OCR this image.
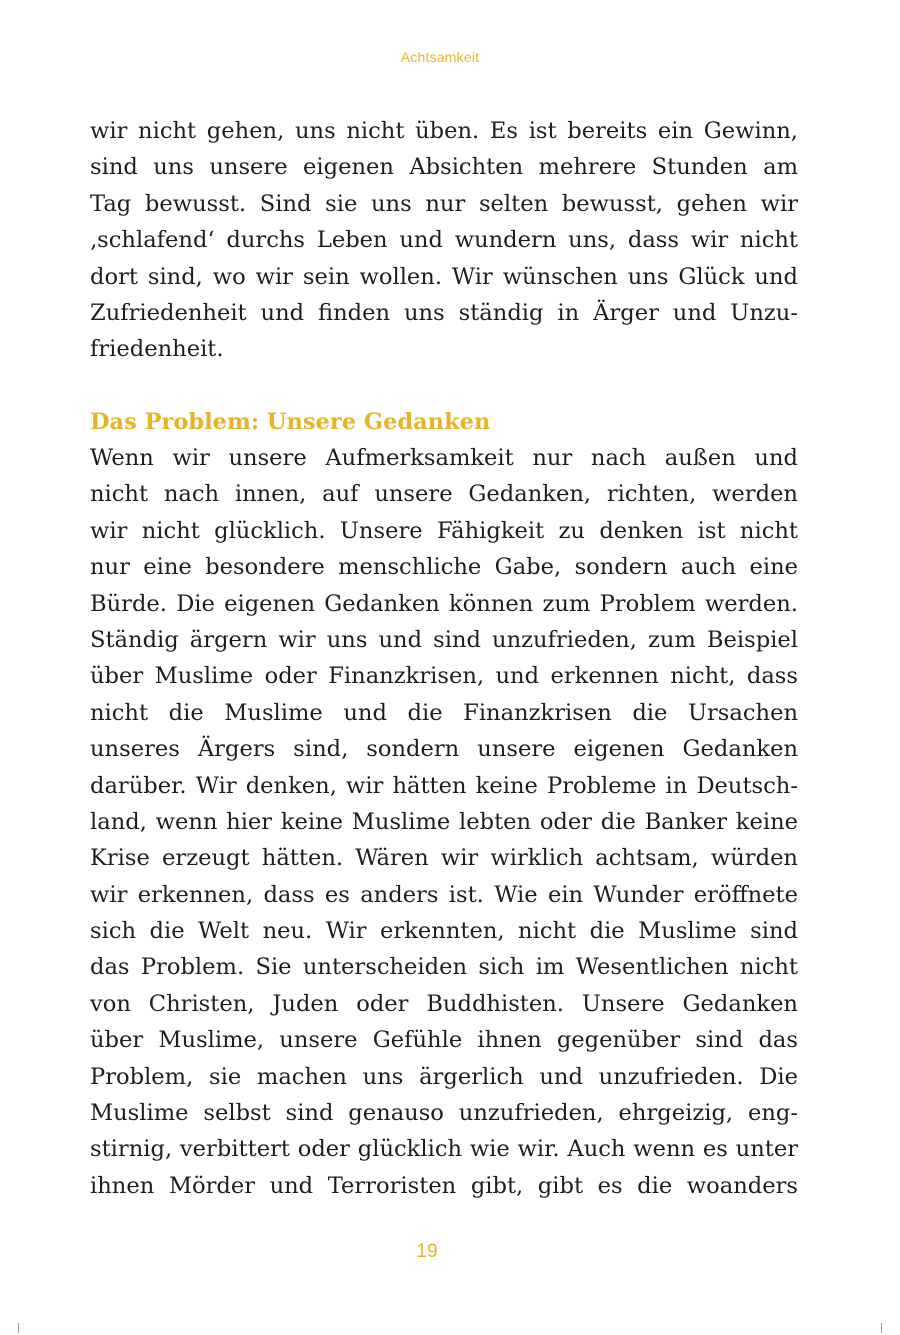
Achtsamkeit
wir nicht gehen, uns nicht üben. Es ist bereits ein Gewinn,
sind uns unsere eigenen Absichten mehrere Stunden am
Tag bewusst. Sind sie uns nur selten bewusst, gehen wir
‚schlafend‘ durchs Leben und wundern uns, dass wir nicht
dort sind, wo wir sein wollen. Wir wünschen uns Glück und
Zufriedenheit und finden uns ständig in Ärger und Unzu-
friedenheit.
Das Problem: Unsere Gedanken
Wenn wir unsere Aufmerksamkeit nur nach außen und
nicht nach innen, auf unsere Gedanken, richten, werden
wir nicht glücklich. Unsere Fähigkeit zu denken ist nicht
nur eine besondere menschliche Gabe, sondern auch eine
Bürde. Die eigenen Gedanken können zum Problem werden.
Ständig ärgern wir uns und sind unzufrieden, zum Beispiel
über Muslime oder Finanzkrisen, und erkennen nicht, dass
nicht die Muslime und die Finanzkrisen die Ursachen
unseres Ärgers sind, sondern unsere eigenen Gedanken
darüber. Wir denken, wir hätten keine Probleme in Deutsch-
land, wenn hier keine Muslime lebten oder die Banker keine
Krise erzeugt hätten. Wären wir wirklich achtsam, würden
wir erkennen, dass es anders ist. Wie ein Wunder eröffnete
sich die Welt neu. Wir erkennten, nicht die Muslime sind
das Problem. Sie unterscheiden sich im Wesentlichen nicht
von Christen, Juden oder Buddhisten. Unsere Gedanken
über Muslime, unsere Gefühle ihnen gegenüber sind das
Problem, sie machen uns ärgerlich und unzufrieden. Die
Muslime selbst sind genauso unzufrieden, ehrgeizig, eng-
stirnig, verbittert oder glücklich wie wir. Auch wenn es unter
ihnen Mörder und Terroristen gibt, gibt es die woanders
19
